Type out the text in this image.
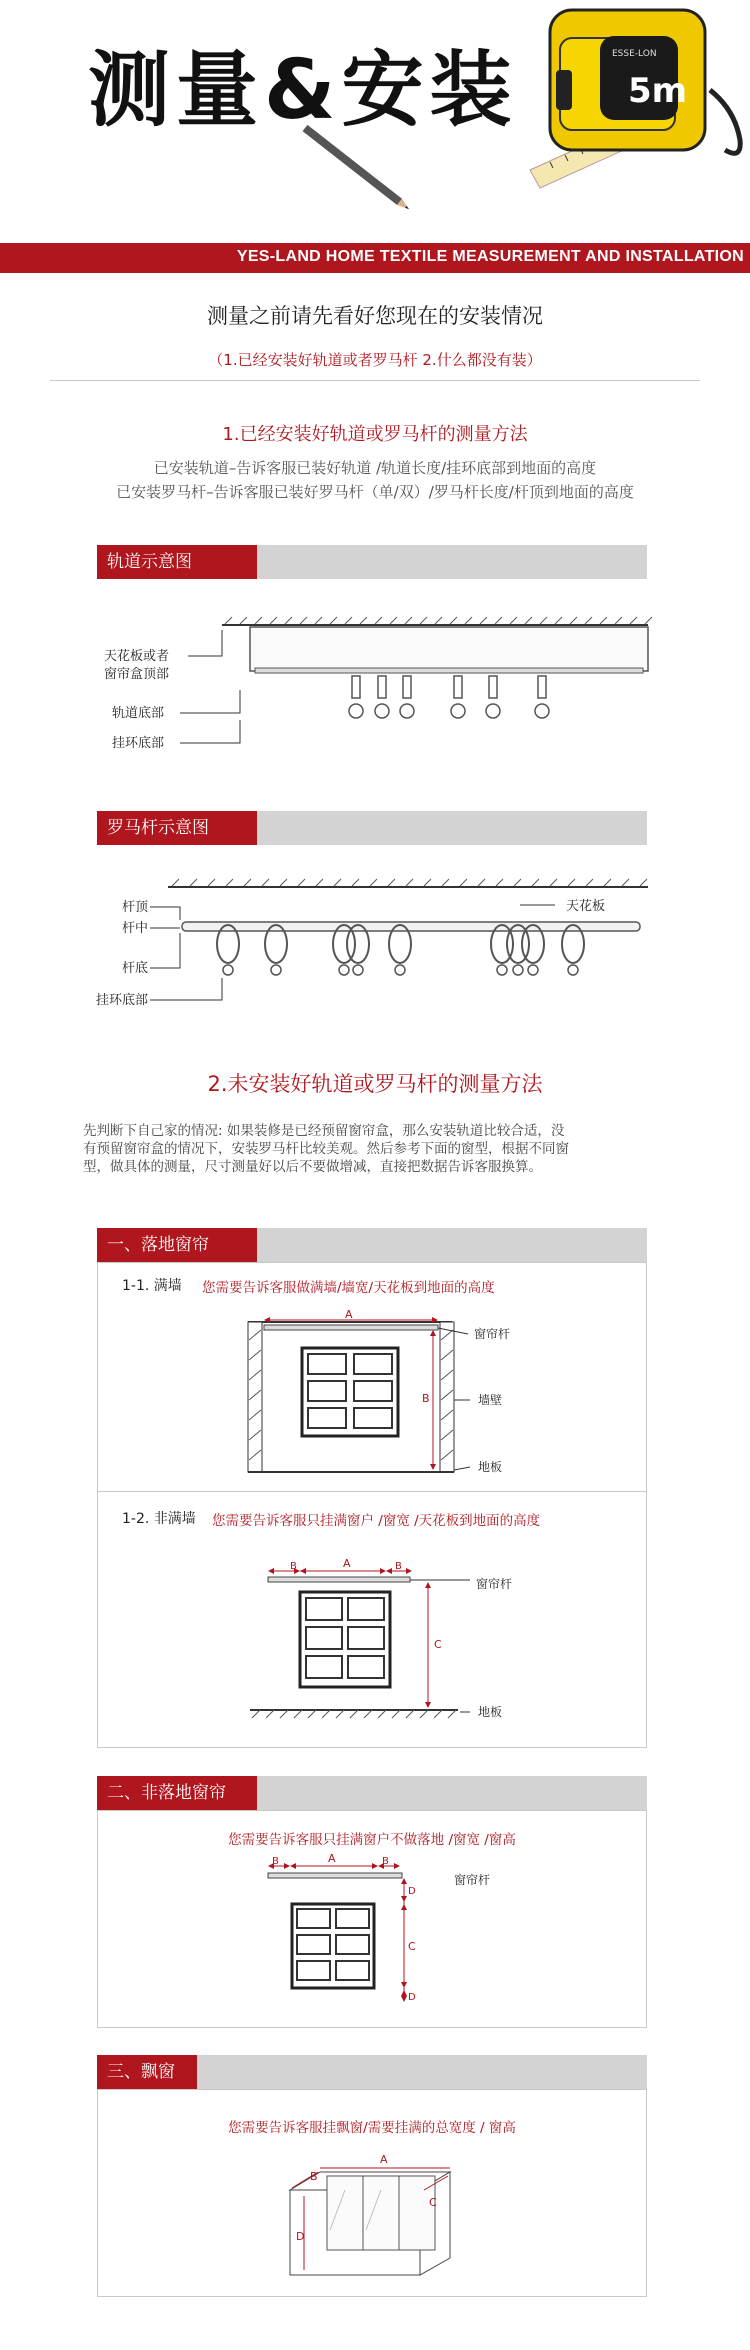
测量&安装	ESSE-LON
5m
YES-LAND HOME TEXTILE MEASUREMENT AND INSTALLATION
测量之前请先看好您现在的安装情况
（1.已经安装好轨道或者罗马杆 2.什么都没有装）
1.已经安装好轨道或罗马杆的测量方法
已安装轨道–告诉客服已装好轨道 /轨道长度/挂环底部到地面的高度
已安装罗马杆–告诉客服已装好罗马杆（单/双）/罗马杆长度/杆顶到地面的高度
轨道示意图
天花板或者
窗帘盒顶部
轨道底部
挂环底部
罗马杆示意图
杆顶
杆中
杆底
挂环底部
天花板
2.未安装好轨道或罗马杆的测量方法
先判断下自己家的情况: 如果装修是已经预留窗帘盒，那么安装轨道比较合适，没
有预留窗帘盒的情况下，安装罗马杆比较美观。然后参考下面的窗型，根据不同窗
型，做具体的测量，尺寸测量好以后不要做增减，直接把数据告诉客服换算。
一、落地窗帘
1-1. 满墙 您需要告诉客服做满墙/墙宽/天花板到地面的高度
A
B
窗帘杆
墙壁
地板
1-2. 非满墙 您需要告诉客服只挂满窗户 /窗宽 /天花板到地面的高度
B	A	B
C
窗帘杆
地板
二、非落地窗帘
您需要告诉客服只挂满窗户不做落地 /窗宽 /窗高
B	A	B
窗帘杆
D
C
D
三、飘窗
您需要告诉客服挂飘窗/需要挂满的总宽度 / 窗高
A
B
C
D
